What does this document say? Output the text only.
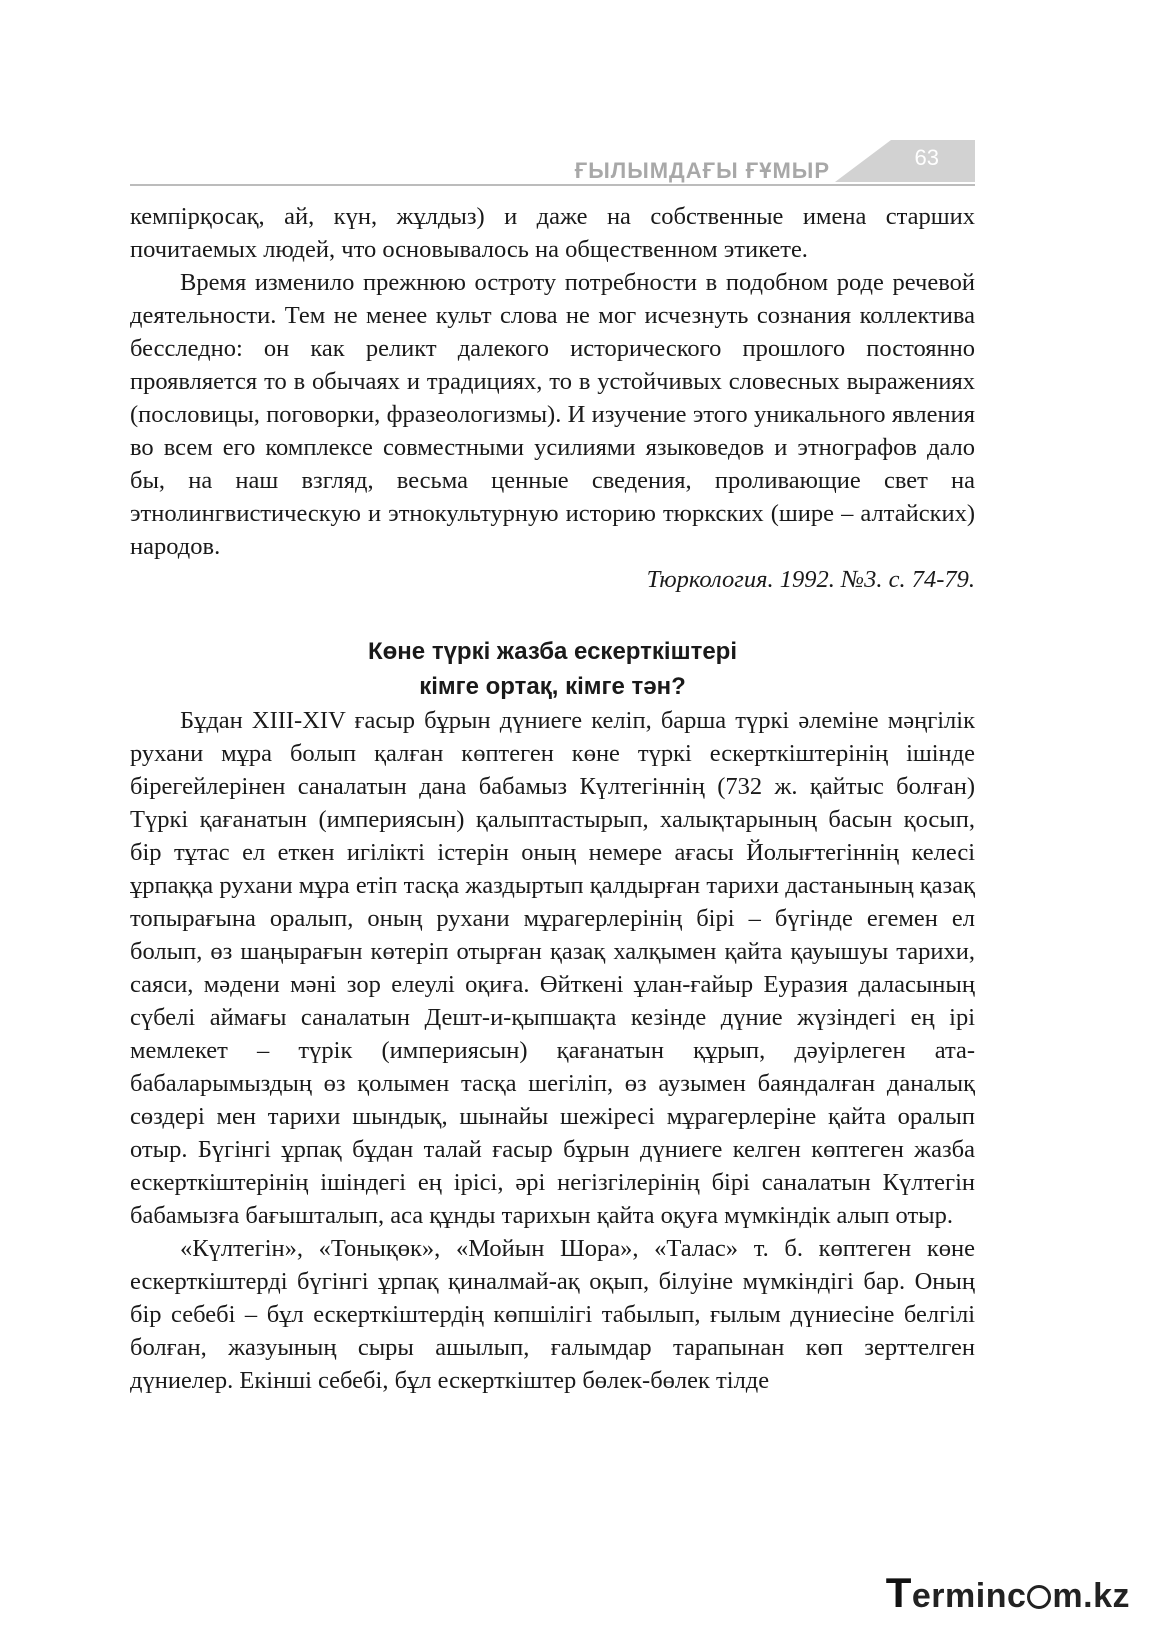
ҒЫЛЫМДАҒЫ ҒҰМЫР
63

кемпірқосақ, ай, күн, жұлдыз) и даже на собственные имена старших почитаемых людей, что основывалось на общественном этикете.

Время изменило прежнюю остроту потребности в подобном роде речевой деятельности. Тем не менее культ слова не мог исчезнуть сознания коллектива бесследно: он как реликт далекого исторического прошлого постоянно проявляется то в обычаях и традициях, то в устойчивых словесных выражениях (пословицы, поговорки, фразеологизмы). И изучение этого уникального явления во всем его комплексе совместными усилиями языковедов и этнографов дало бы, на наш взгляд, весьма ценные сведения, проливающие свет на этнолингвистическую и этнокультурную историю тюркских (шире – алтайских) народов.

Тюркология. 1992. №3. с. 74-79.

Көне түркі жазба ескерткіштері
кімге ортақ, кімге тән?

Бұдан XIII-XIV ғасыр бұрын дүниеге келіп, барша түркі әлеміне мәңгілік рухани мұра болып қалған көптеген көне түркі ескерткіштерінің ішінде бірегейлерінен саналатын дана бабамыз Күлтегіннің (732 ж. қайтыс болған) Түркі қағанатын (империясын) қалыптастырып, халықтарының басын қосып, бір тұтас ел еткен игілікті істерін оның немере ағасы Йолығтегіннің келесі ұрпаққа рухани мұра етіп тасқа жаздыртып қалдырған тарихи дастанының қазақ топырағына оралып, оның рухани мұрагерлерінің бірі – бүгінде егемен ел болып, өз шаңырағын көтеріп отырған қазақ халқымен қайта қауышуы тарихи, саяси, мәдени мәні зор елеулі оқиға. Өйткені ұлан-ғайыр Еуразия даласының сүбелі аймағы саналатын Дешт-и-қыпшақта кезінде дүние жүзіндегі ең ірі мемлекет – түрік (империясын) қағанатын құрып, дәуірлеген ата-бабаларымыздың өз қолымен тасқа шегіліп, өз аузымен баяндалған даналық сөздері мен тарихи шындық, шынайы шежіресі мұрагерлеріне қайта оралып отыр. Бүгінгі ұрпақ бұдан талай ғасыр бұрын дүниеге келген көптеген жазба ескерткіштерінің ішіндегі ең ірісі, әрі негізгілерінің бірі саналатын Күлтегін бабамызға бағышталып, аса құнды тарихын қайта оқуға мүмкіндік алып отыр.

«Күлтегін», «Тонықөк», «Мойын Шора», «Талас» т. б. көптеген көне ескерткіштерді бүгінгі ұрпақ қиналмай-ақ оқып, білуіне мүмкіндігі бар. Оның бір себебі – бұл ескерткіштердің көпшілігі табылып, ғылым дүниесіне белгілі болған, жазуының сыры ашылып, ғалымдар тарапынан көп зерттелген дүниелер. Екінші себебі, бұл ескерткіштер бөлек-бөлек тілде

Terminc m.kz
